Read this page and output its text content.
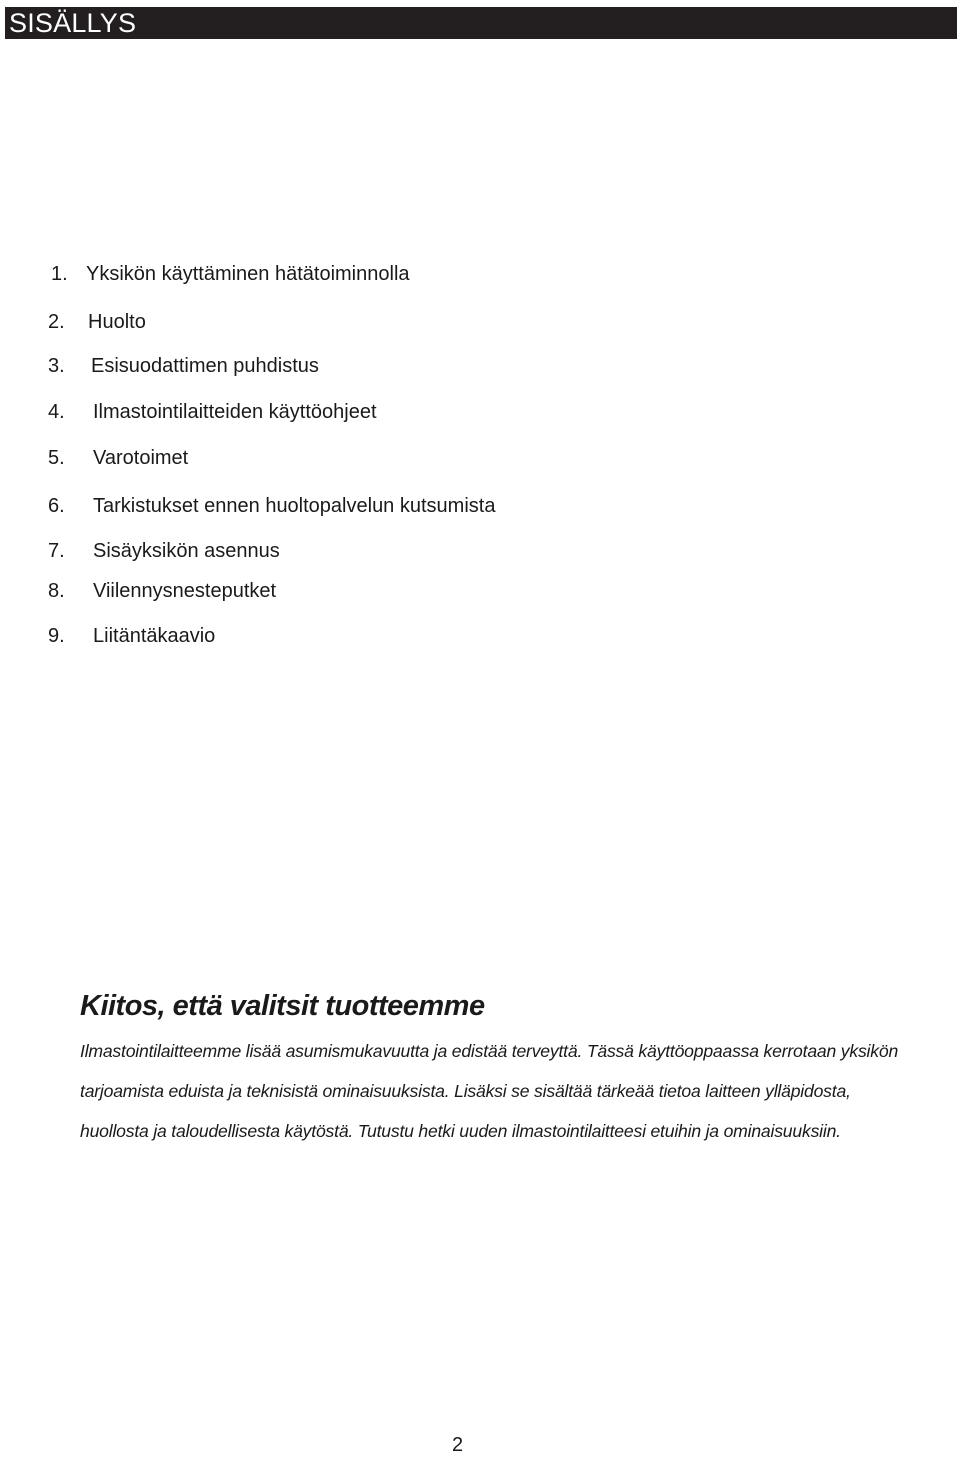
SISÄLLYS
1. Yksikön käyttäminen hätätoiminnolla
2.	Huolto
3.	Esisuodattimen puhdistus
4.	Ilmastointilaitteiden käyttöohjeet
5.	Varotoimet
6.	Tarkistukset ennen huoltopalvelun kutsumista
7.	Sisäyksikön asennus
8.	Viilennysnesteputket
9.	Liitäntäkaavio
Kiitos, että valitsit tuotteemme

Ilmastointilaitteemme lisää asumismukavuutta ja edistää terveyttä. Tässä käyttöoppaassa kerrotaan yksikön
tarjoamista eduista ja teknisistä ominaisuuksista. Lisäksi se sisältää tärkeää tietoa laitteen ylläpidosta,
huollosta ja taloudellisesta käytöstä. Tutustu hetki uuden ilmastointilaitteesi etuihin ja ominaisuuksiin.

2
